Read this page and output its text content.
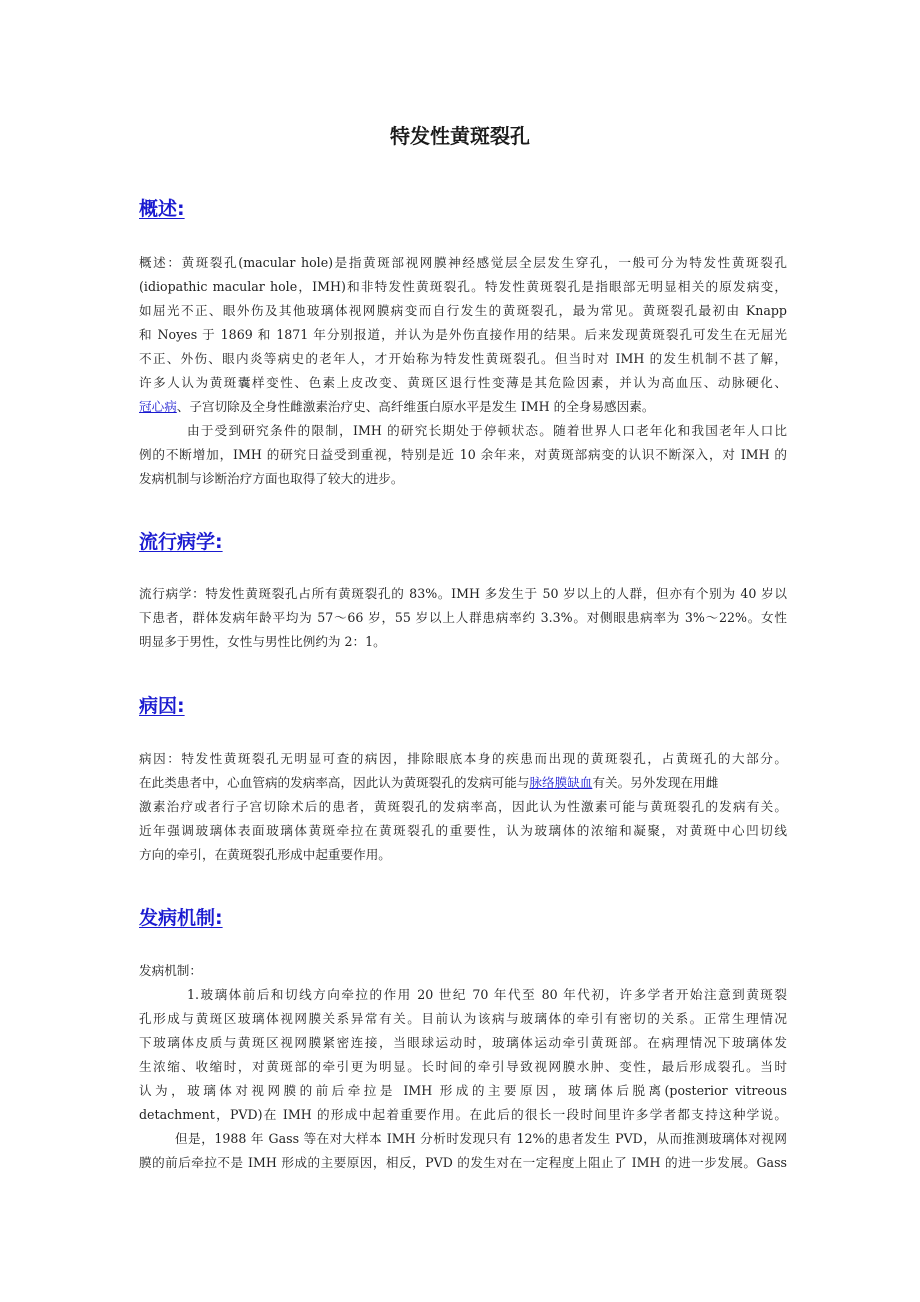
特发性黄斑裂孔
概述:
概述：黄斑裂孔(macular hole)是指黄斑部视网膜神经感觉层全层发生穿孔，一般可分为特发性黄斑裂孔
(idiopathic macular hole，IMH)和非特发性黄斑裂孔。特发性黄斑裂孔是指眼部无明显相关的原发病变，
如屈光不正、眼外伤及其他玻璃体视网膜病变而自行发生的黄斑裂孔，最为常见。黄斑裂孔最初由 Knapp
和 Noyes 于 1869 和 1871 年分别报道，并认为是外伤直接作用的结果。后来发现黄斑裂孔可发生在无屈光
不正、外伤、眼内炎等病史的老年人，才开始称为特发性黄斑裂孔。但当时对 IMH 的发生机制不甚了解，
许多人认为黄斑囊样变性、色素上皮改变、黄斑区退行性变薄是其危险因素，并认为高血压、动脉硬化、
冠心病、子宫切除及全身性雌激素治疗史、高纤维蛋白原水平是发生 IMH 的全身易感因素。
由于受到研究条件的限制，IMH 的研究长期处于停顿状态。随着世界人口老年化和我国老年人口比
例的不断增加，IMH 的研究日益受到重视，特别是近 10 余年来，对黄斑部病变的认识不断深入，对 IMH 的
发病机制与诊断治疗方面也取得了较大的进步。
流行病学:
流行病学：特发性黄斑裂孔占所有黄斑裂孔的 83%。IMH 多发生于 50 岁以上的人群，但亦有个别为 40 岁以
下患者，群体发病年龄平均为 57～66 岁，55 岁以上人群患病率约 3.3%。对侧眼患病率为 3%～22%。女性
明显多于男性，女性与男性比例约为 2：1。
病因:
病因：特发性黄斑裂孔无明显可查的病因，排除眼底本身的疾患而出现的黄斑裂孔，占黄斑孔的大部分。
在此类患者中，心血管病的发病率高，因此认为黄斑裂孔的发病可能与脉络膜缺血有关。另外发现在用雌
激素治疗或者行子宫切除术后的患者，黄斑裂孔的发病率高，因此认为性激素可能与黄斑裂孔的发病有关。
近年强调玻璃体表面玻璃体黄斑牵拉在黄斑裂孔的重要性，认为玻璃体的浓缩和凝聚，对黄斑中心凹切线
方向的牵引，在黄斑裂孔形成中起重要作用。
发病机制:
发病机制：
1.玻璃体前后和切线方向牵拉的作用 20 世纪 70 年代至 80 年代初，许多学者开始注意到黄斑裂
孔形成与黄斑区玻璃体视网膜关系异常有关。目前认为该病与玻璃体的牵引有密切的关系。正常生理情况
下玻璃体皮质与黄斑区视网膜紧密连接，当眼球运动时，玻璃体运动牵引黄斑部。在病理情况下玻璃体发
生浓缩、收缩时，对黄斑部的牵引更为明显。长时间的牵引导致视网膜水肿、变性，最后形成裂孔。当时
认为，玻璃体对视网膜的前后牵拉是 IMH 形成的主要原因，玻璃体后脱离(posterior vitreous
detachment，PVD)在 IMH 的形成中起着重要作用。在此后的很长一段时间里许多学者都支持这种学说。
但是，1988 年 Gass 等在对大样本 IMH 分析时发现只有 12%的患者发生 PVD，从而推测玻璃体对视网
膜的前后牵拉不是 IMH 形成的主要原因，相反，PVD 的发生对在一定程度上阻止了 IMH 的进一步发展。Gass
